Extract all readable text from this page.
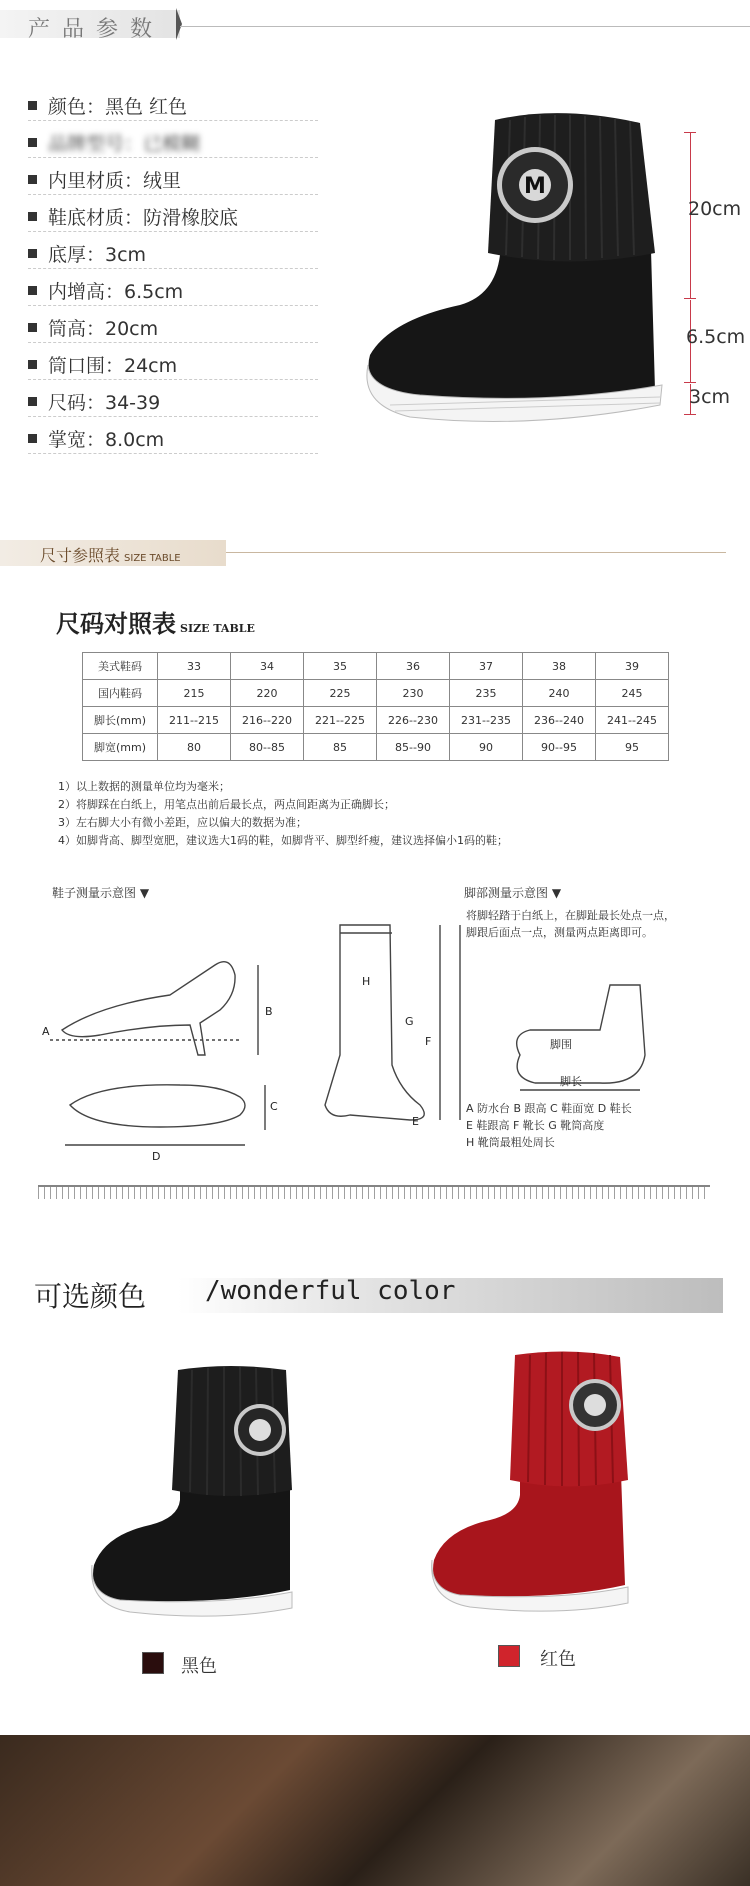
产品参数
颜色：黑色 红色
品牌型号：已模糊
内里材质：绒里
鞋底材质：防滑橡胶底
底厚：3cm
内增高：6.5cm
筒高：20cm
筒口围：24cm
尺码：34-39
掌宽：8.0cm
M
20cm
6.5cm
3cm
尺寸参照表 SIZE TABLE
尺码对照表 SIZE TABLE
美式鞋码	33	34	35	36	37	38	39
国内鞋码	215	220	225	230	235	240	245
脚长(mm)	211--215	216--220	221--225	226--230	231--235	236--240	241--245
脚宽(mm)	80	80--85	85	85--90	90	90--95	95
1）以上数据的测量单位均为毫米；
2）将脚踩在白纸上，用笔点出前后最长点，两点间距离为正确脚长；
3）左右脚大小有微小差距，应以偏大的数据为准；
4）如脚背高、脚型宽肥，建议选大1码的鞋，如脚背平、脚型纤瘦，建议选择偏小1码的鞋；
鞋子测量示意图 ▼	脚部测量示意图 ▼
将脚轻踏于白纸上，在脚趾最长处点一点，
脚跟后面点一点，测量两点距离即可。
A
B
C
D
H
G
F
E
脚围
脚长
A 防水台 B 跟高 C 鞋面宽 D 鞋长
E 鞋跟高 F 靴长 G 靴筒高度
H 靴筒最粗处周长
可选颜色 /wonderful color
黑色	红色
